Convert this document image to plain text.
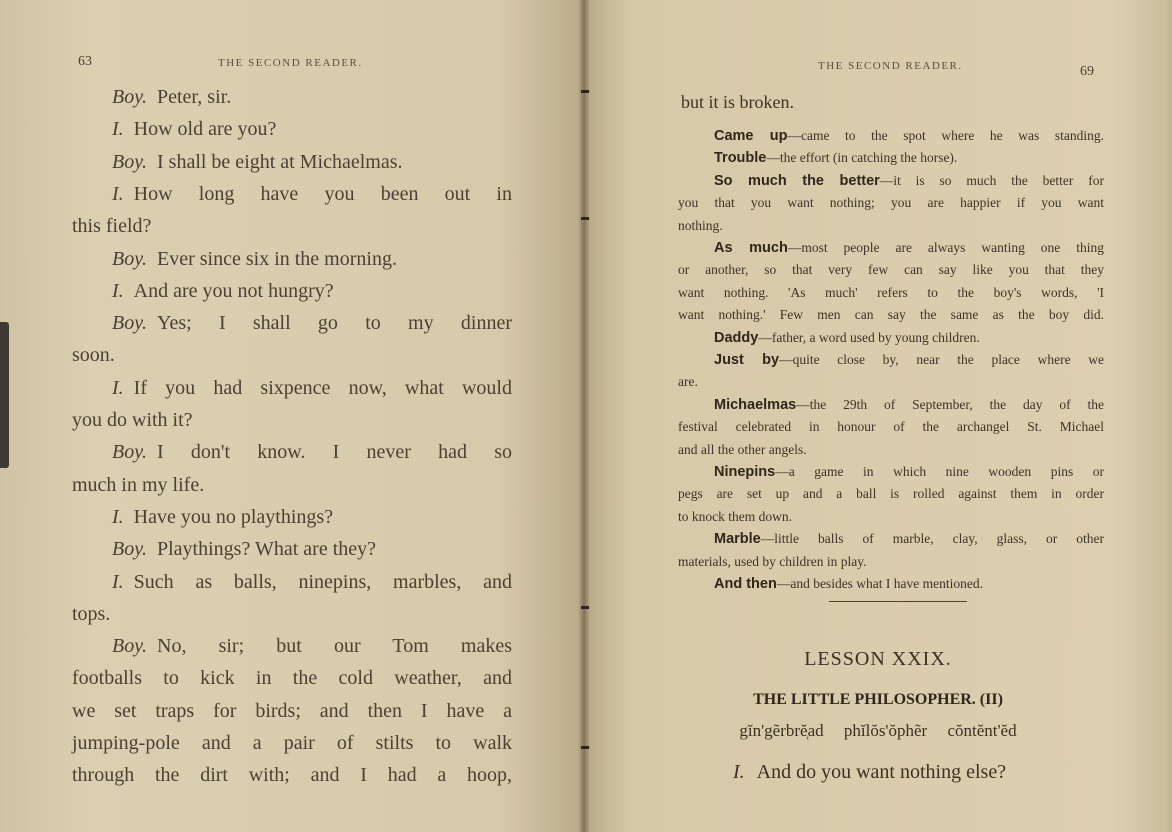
63	THE SECOND READER.	THE SECOND READER.	69
Boy. Peter, sir.
I. How old are you?
Boy. I shall be eight at Michaelmas.
I. How long have you been out in
this field?
Boy. Ever since six in the morning.
I. And are you not hungry?
Boy. Yes; I shall go to my dinner
soon.
I. If you had sixpence now, what would
you do with it?
Boy. I don't know. I never had so
much in my life.
I. Have you no playthings?
Boy. Playthings? What are they?
I. Such as balls, ninepins, marbles, and
tops.
Boy. No, sir; but our Tom makes
footballs to kick in the cold weather, and
we set traps for birds; and then I have a
jumping-pole and a pair of stilts to walk
through the dirt with; and I had a hoop,
but it is broken.
Came up—came to the spot where he was standing.
Trouble—the effort (in catching the horse).
So much the better—it is so much the better for
you that you want nothing; you are happier if you want
nothing.
As much—most people are always wanting one thing
or another, so that very few can say like you that they
want nothing. 'As much' refers to the boy's words, 'I
want nothing.' Few men can say the same as the boy did.
Daddy—father, a word used by young children.
Just by—quite close by, near the place where we
are.
Michaelmas—the 29th of September, the day of the
festival celebrated in honour of the archangel St. Michael
and all the other angels.
Ninepins—a game in which nine wooden pins or
pegs are set up and a ball is rolled against them in order
to knock them down.
Marble—little balls of marble, clay, glass, or other
materials, used by children in play.
And then—and besides what I have mentioned.
LESSON XXIX.
THE LITTLE PHILOSOPHER. (II)
gĭn'gẽrbrĕ̜ad phĭlŏs'ŏphẽr cŏntĕnt'ĕd
I. And do you want nothing else?
